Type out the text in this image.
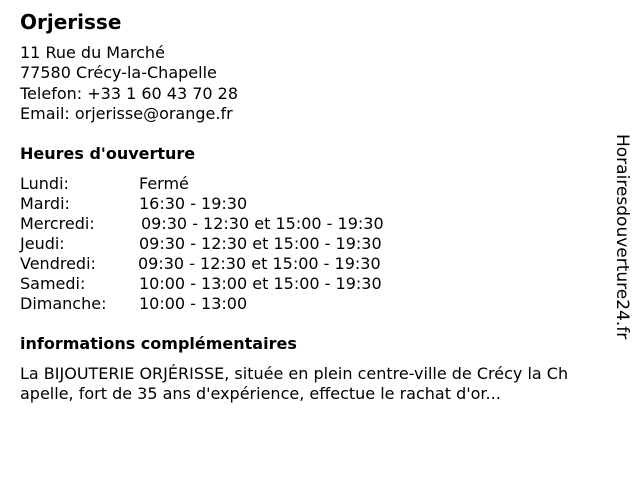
Orjerisse
11 Rue du Marché
77580 Crécy-la-Chapelle
Telefon: +33 1 60 43 70 28
Email: orjerisse@orange.fr
Heures d'ouverture
Lundi:	Fermé
Mardi:	16:30 - 19:30
Mercredi:	09:30 - 12:30 et 15:00 - 19:30
Jeudi:	09:30 - 12:30 et 15:00 - 19:30
Vendredi:	09:30 - 12:30 et 15:00 - 19:30
Samedi:	10:00 - 13:00 et 15:00 - 19:30
Dimanche: 10:00 - 13:00
informations complémentaires
La BIJOUTERIE ORJÉRISSE, située en plein centre-ville de Crécy la Ch
apelle, fort de 35 ans d'expérience, effectue le rachat d'or...
Horairesdouverture24.fr
